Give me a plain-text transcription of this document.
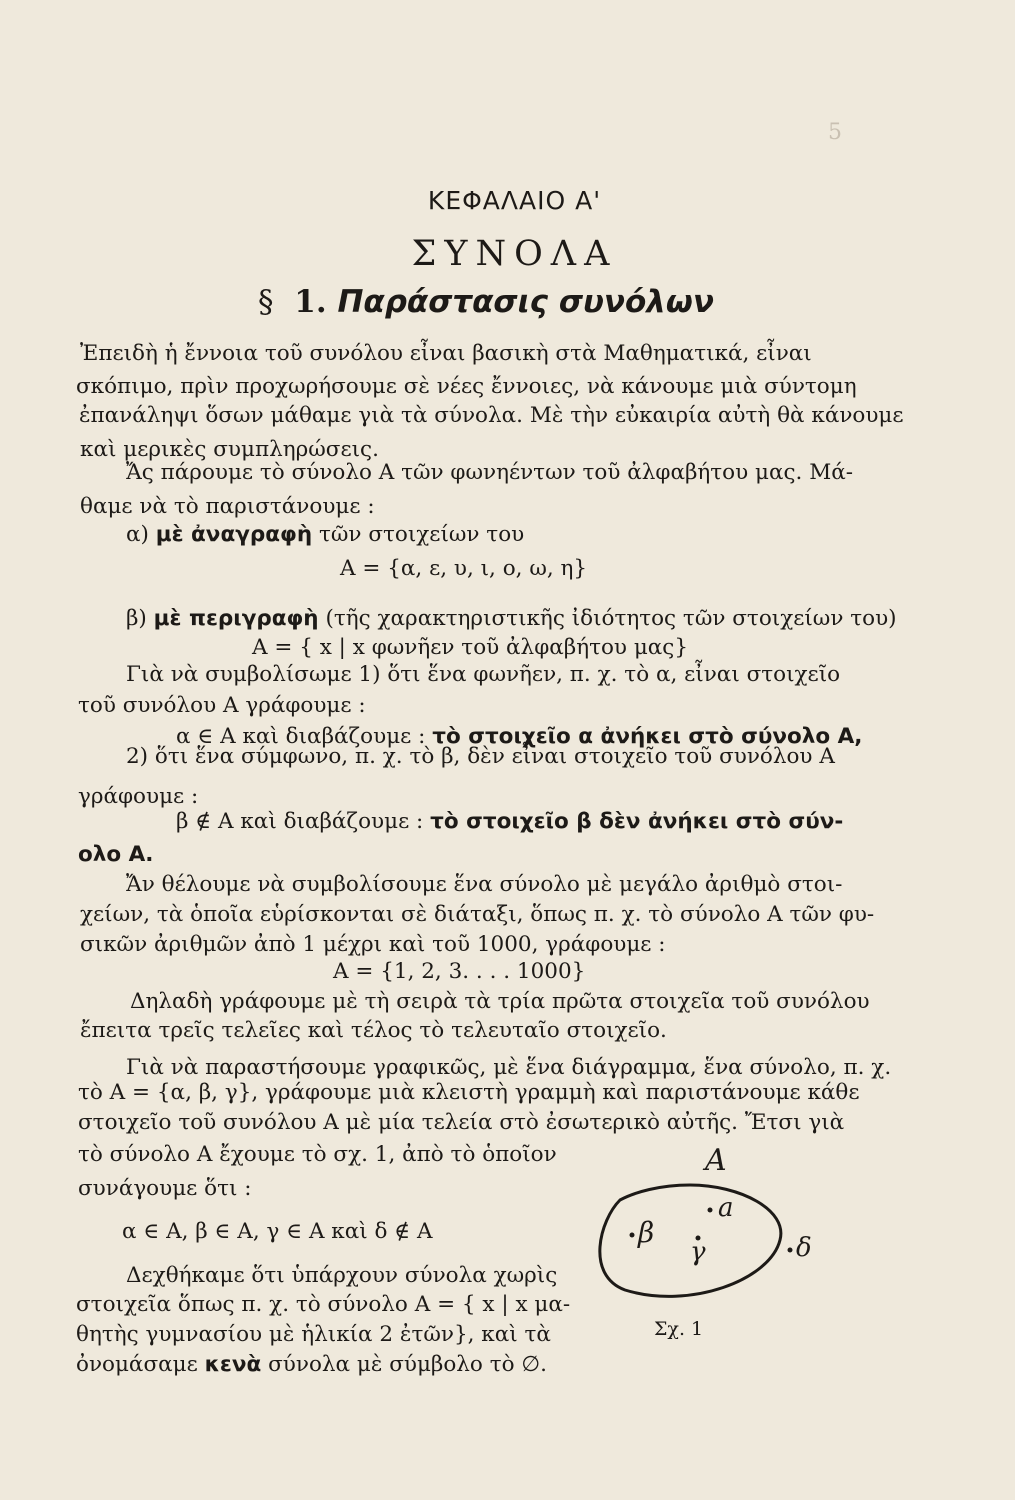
5
ΚΕΦΑΛΑΙΟ Α'
ΣΥΝΟΛΑ
§ 1. Παράστασις συνόλων
Ἐπειδὴ ἡ ἔννοια τοῦ συνόλου εἶναι βασικὴ στὰ Μαθηματικά, εἶναι
σκόπιμο, πρὶν προχωρήσουμε σὲ νέες ἔννοιες, νὰ κάνουμε μιὰ σύντομη
ἐπανάληψι ὅσων μάθαμε γιὰ τὰ σύνολα. Μὲ τὴν εὐκαιρία αὐτὴ θὰ κάνουμε
καὶ μερικὲς συμπληρώσεις.
Ἄς πάρουμε τὸ σύνολο Α τῶν φωνηέντων τοῦ ἀλφαβήτου μας. Μά-
θαμε νὰ τὸ παριστάνουμε :
α) μὲ ἀναγραφὴ τῶν στοιχείων του
Α = {α, ε, υ, ι, ο, ω, η}
β) μὲ περιγραφὴ (τῆς χαρακτηριστικῆς ἰδιότητος τῶν στοιχείων του)
Α = { x | x φωνῆεν τοῦ ἀλφαβήτου μας}
Γιὰ νὰ συμβολίσωμε 1) ὅτι ἕνα φωνῆεν, π. χ. τὸ α, εἶναι στοιχεῖο
τοῦ συνόλου Α γράφουμε :
α ∈ Α καὶ διαβάζουμε : τὸ στοιχεῖο α ἀνήκει στὸ σύνολο Α,
2) ὅτι ἕνα σύμφωνο, π. χ. τὸ β, δὲν εἶναι στοιχεῖο τοῦ συνόλου Α
γράφουμε :
β ∉ Α καὶ διαβάζουμε : τὸ στοιχεῖο β δὲν ἀνήκει στὸ σύν-
ολο Α.
Ἄν θέλουμε νὰ συμβολίσουμε ἕνα σύνολο μὲ μεγάλο ἀριθμὸ στοι-
χείων, τὰ ὁποῖα εὑρίσκονται σὲ διάταξι, ὅπως π. χ. τὸ σύνολο Α τῶν φυ-
σικῶν ἀριθμῶν ἀπὸ 1 μέχρι καὶ τοῦ 1000, γράφουμε :
Α = {1, 2, 3. . . . 1000}
Δηλαδὴ γράφουμε μὲ τὴ σειρὰ τὰ τρία πρῶτα στοιχεῖα τοῦ συνόλου
ἔπειτα τρεῖς τελεῖες καὶ τέλος τὸ τελευταῖο στοιχεῖο.
Γιὰ νὰ παραστήσουμε γραφικῶς, μὲ ἕνα διάγραμμα, ἕνα σύνολο, π. χ.
τὸ Α = {α, β, γ}, γράφουμε μιὰ κλειστὴ γραμμὴ καὶ παριστάνουμε κάθε
στοιχεῖο τοῦ συνόλου Α μὲ μία τελεία στὸ ἐσωτερικὸ αὐτῆς. Ἔτσι γιὰ
τὸ σύνολο Α ἔχουμε τὸ σχ. 1, ἀπὸ τὸ ὁποῖον
συνάγουμε ὅτι :
α ∈ Α, β ∈ Α, γ ∈ Α καὶ δ ∉ Α
Δεχθήκαμε ὅτι ὑπάρχουν σύνολα χωρὶς
στοιχεῖα ὅπως π. χ. τὸ σύνολο Α = { x | x μα-
θητὴς γυμνασίου μὲ ἡλικία 2 ἐτῶν}, καὶ τὰ
ὀνομάσαμε κενὰ σύνολα μὲ σύμβολο τὸ ∅.
A
a
β
γ	δ
Σχ. 1
